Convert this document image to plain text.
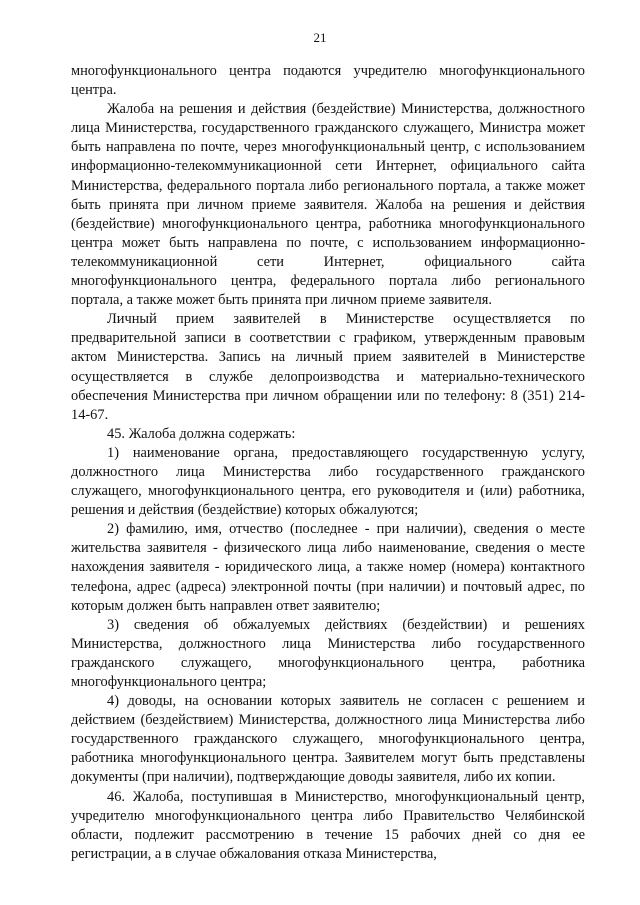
21

многофункционального центра подаются учредителю многофункционального центра.

Жалоба на решения и действия (бездействие) Министерства, должностного лица Министерства, государственного гражданского служащего, Министра может быть направлена по почте, через многофункциональный центр, с использованием информационно-телекоммуникационной сети Интернет, официального сайта Министерства, федерального портала либо регионального портала, а также может быть принята при личном приеме заявителя. Жалоба на решения и действия (бездействие) многофункционального центра, работника многофункционального центра может быть направлена по почте, с использованием информационно-телекоммуникационной сети Интернет, официального сайта многофункционального центра, федерального портала либо регионального портала, а также может быть принята при личном приеме заявителя.

Личный прием заявителей в Министерстве осуществляется по предварительной записи в соответствии с графиком, утвержденным правовым актом Министерства. Запись на личный прием заявителей в Министерстве осуществляется в службе делопроизводства и материально-технического обеспечения Министерства при личном обращении или по телефону: 8 (351) 214-14-67.

45. Жалоба должна содержать:

1) наименование органа, предоставляющего государственную услугу, должностного лица Министерства либо государственного гражданского служащего, многофункционального центра, его руководителя и (или) работника, решения и действия (бездействие) которых обжалуются;

2) фамилию, имя, отчество (последнее - при наличии), сведения о месте жительства заявителя - физического лица либо наименование, сведения о месте нахождения заявителя - юридического лица, а также номер (номера) контактного телефона, адрес (адреса) электронной почты (при наличии) и почтовый адрес, по которым должен быть направлен ответ заявителю;

3) сведения об обжалуемых действиях (бездействии) и решениях Министерства, должностного лица Министерства либо государственного гражданского служащего, многофункционального центра, работника многофункционального центра;

4) доводы, на основании которых заявитель не согласен с решением и действием (бездействием) Министерства, должностного лица Министерства либо государственного гражданского служащего, многофункционального центра, работника многофункционального центра. Заявителем могут быть представлены документы (при наличии), подтверждающие доводы заявителя, либо их копии.

46. Жалоба, поступившая в Министерство, многофункциональный центр, учредителю многофункционального центра либо Правительство Челябинской области, подлежит рассмотрению в течение 15 рабочих дней со дня ее регистрации, а в случае обжалования отказа Министерства,
